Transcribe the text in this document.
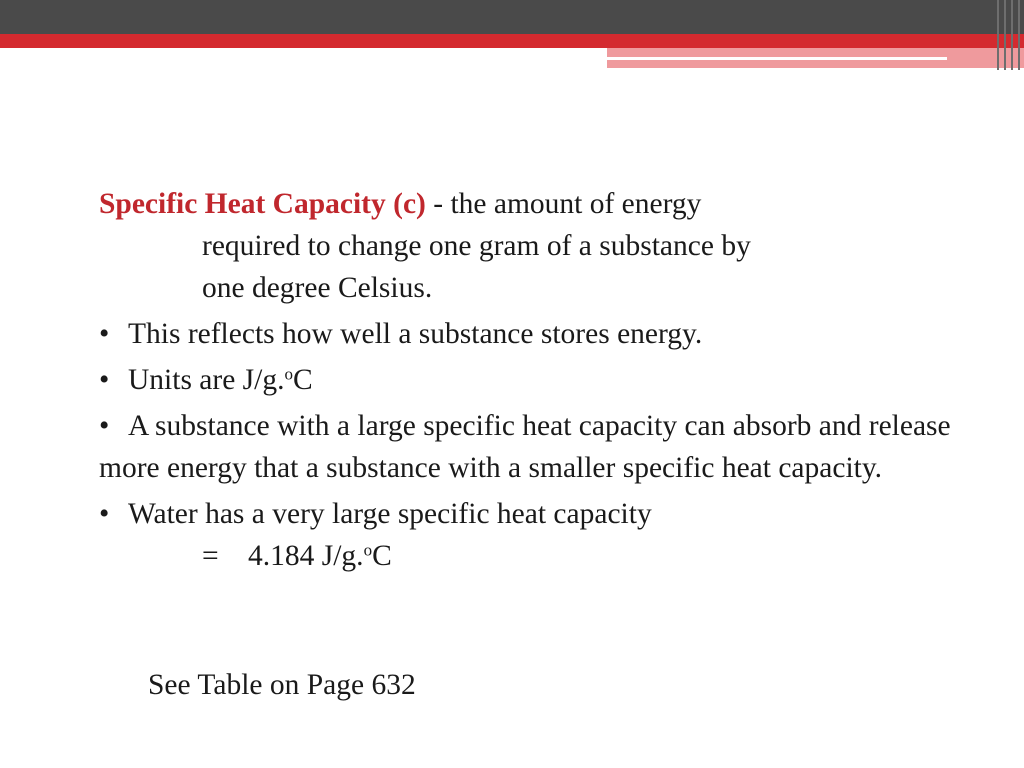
Specific Heat Capacity (c) - the amount of energy
required to change one gram of a substance by
one degree Celsius.

• This reflects how well a substance stores energy.

• Units are J/g.$^o$C

• A substance with a large specific heat capacity can absorb and release more energy that a substance with a smaller specific heat capacity.

• Water has a very large specific heat capacity

= 4.184 J/g.$^o$C

See Table on Page 632
